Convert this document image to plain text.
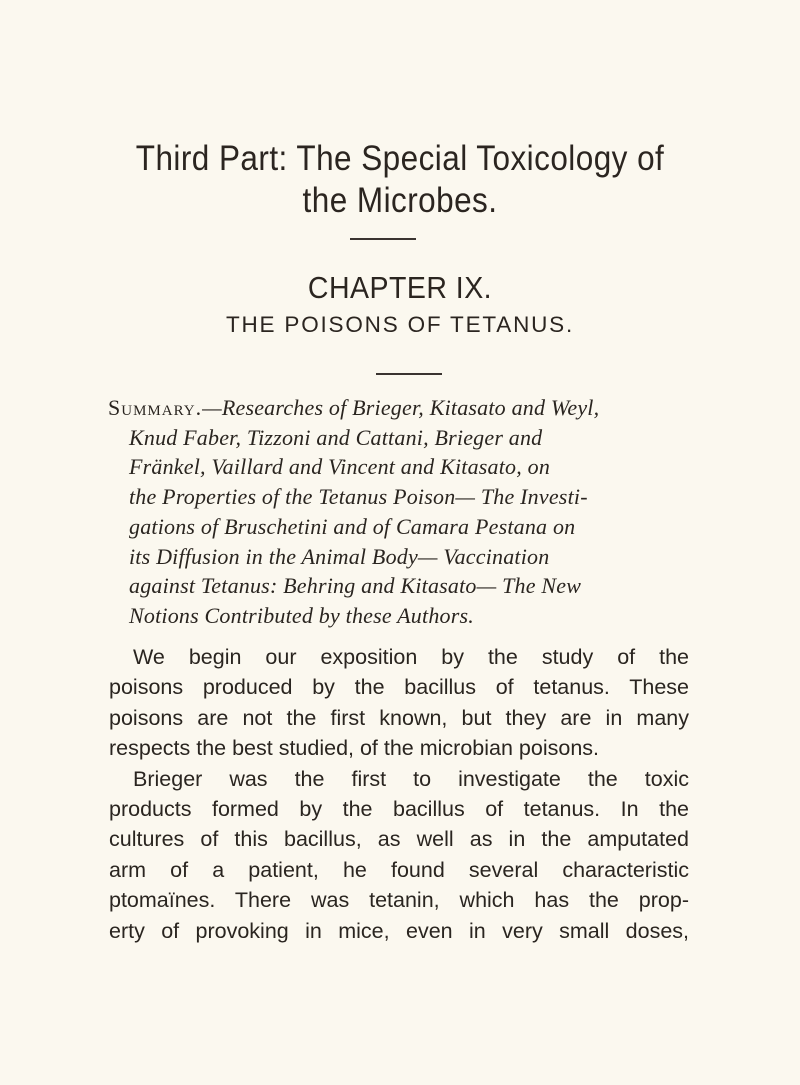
Third Part: The Special Toxicology of
the Microbes.
CHAPTER IX.
THE POISONS OF TETANUS.
Summary.—Researches of Brieger, Kitasato and Weyl,
Knud Faber, Tizzoni and Cattani, Brieger and
Fränkel, Vaillard and Vincent and Kitasato, on
the Properties of the Tetanus Poison— The Investi-
gations of Bruschetini and of Camara Pestana on
its Diffusion in the Animal Body— Vaccination
against Tetanus: Behring and Kitasato— The New
Notions Contributed by these Authors.
We begin our exposition by the study of the
poisons produced by the bacillus of tetanus. These
poisons are not the first known, but they are in many
respects the best studied, of the microbian poisons.
Brieger was the first to investigate the toxic
products formed by the bacillus of tetanus. In the
cultures of this bacillus, as well as in the amputated
arm of a patient, he found several characteristic
ptomaïnes. There was tetanin, which has the prop-
erty of provoking in mice, even in very small doses,
